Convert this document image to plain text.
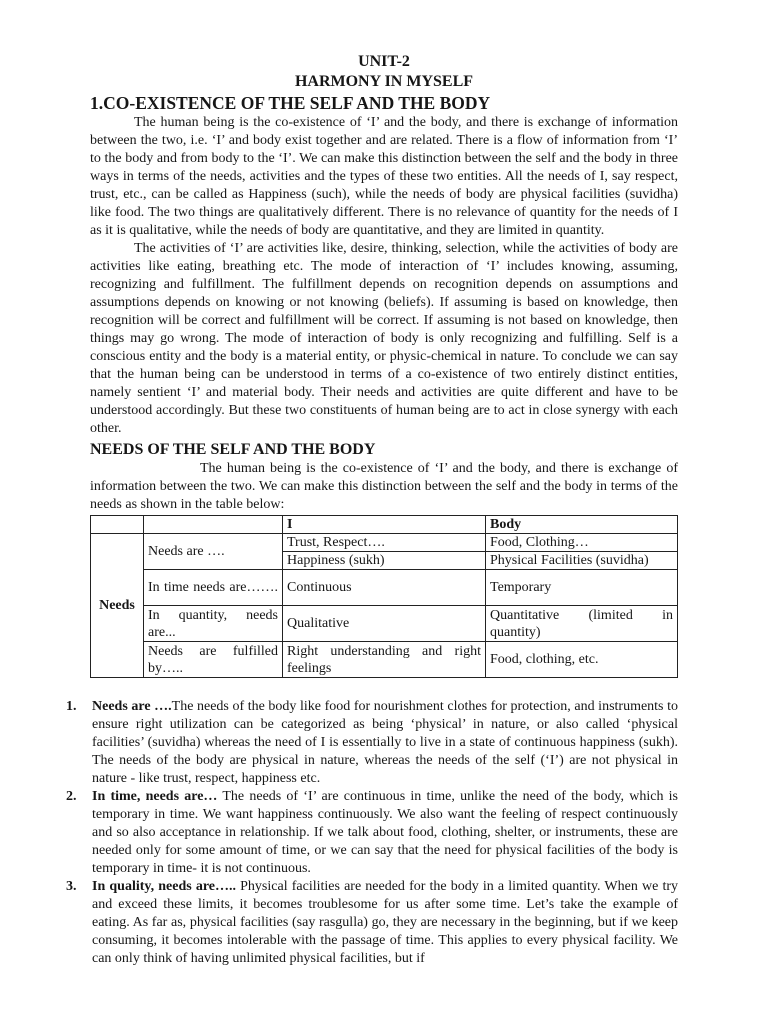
UNIT-2
HARMONY IN MYSELF
1.CO-EXISTENCE OF THE SELF AND THE BODY

The human being is the co-existence of ‘I’ and the body, and there is exchange of information between the two, i.e. ‘I’ and body exist together and are related. There is a flow of information from ‘I’ to the body and from body to the ‘I’. We can make this distinction between the self and the body in three ways in terms of the needs, activities and the types of these two entities. All the needs of I, say respect, trust, etc., can be called as Happiness (such), while the needs of body are physical facilities (suvidha) like food. The two things are qualitatively different. There is no relevance of quantity for the needs of I as it is qualitative, while the needs of body are quantitative, and they are limited in quantity.

The activities of ‘I’ are activities like, desire, thinking, selection, while the activities of body are activities like eating, breathing etc. The mode of interaction of ‘I’ includes knowing, assuming, recognizing and fulfillment. The fulfillment depends on recognition depends on assumptions and assumptions depends on knowing or not knowing (beliefs). If assuming is based on knowledge, then recognition will be correct and fulfillment will be correct. If assuming is not based on knowledge, then things may go wrong. The mode of interaction of body is only recognizing and fulfilling. Self is a conscious entity and the body is a material entity, or physic-chemical in nature. To conclude we can say that the human being can be understood in terms of a co-existence of two entirely distinct entities, namely sentient ‘I’ and material body. Their needs and activities are quite different and have to be understood accordingly. But these two constituents of human being are to act in close synergy with each other.

NEEDS OF THE SELF AND THE BODY

The human being is the co-existence of ‘I’ and the body, and there is exchange of information between the two. We can make this distinction between the self and the body in terms of the needs as shown in the table below:

		I	Body
Needs	Needs are ….	Trust, Respect….	Food, Clothing…
		Happiness (sukh)	Physical Facilities (suvidha)
	In time needs are…….	Continuous	Temporary
	In quantity, needs are...	Qualitative	Quantitative (limited in quantity)
	Needs are fulfilled by…..	Right understanding and right feelings	Food, clothing, etc.
1. Needs are ….The needs of the body like food for nourishment clothes for protection, and instruments to ensure right utilization can be categorized as being ‘physical’ in nature, or also called ‘physical facilities’ (suvidha) whereas the need of I is essentially to live in a state of continuous happiness (sukh). The needs of the body are physical in nature, whereas the needs of the self (‘I’) are not physical in nature - like trust, respect, happiness etc.
2. In time, needs are… The needs of ‘I’ are continuous in time, unlike the need of the body, which is temporary in time. We want happiness continuously. We also want the feeling of respect continuously and so also acceptance in relationship. If we talk about food, clothing, shelter, or instruments, these are needed only for some amount of time, or we can say that the need for physical facilities of the body is temporary in time- it is not continuous.
3. In quality, needs are….. Physical facilities are needed for the body in a limited quantity. When we try and exceed these limits, it becomes troublesome for us after some time. Let’s take the example of eating. As far as, physical facilities (say rasgulla) go, they are necessary in the beginning, but if we keep consuming, it becomes intolerable with the passage of time. This applies to every physical facility. We can only think of having unlimited physical facilities, but if
